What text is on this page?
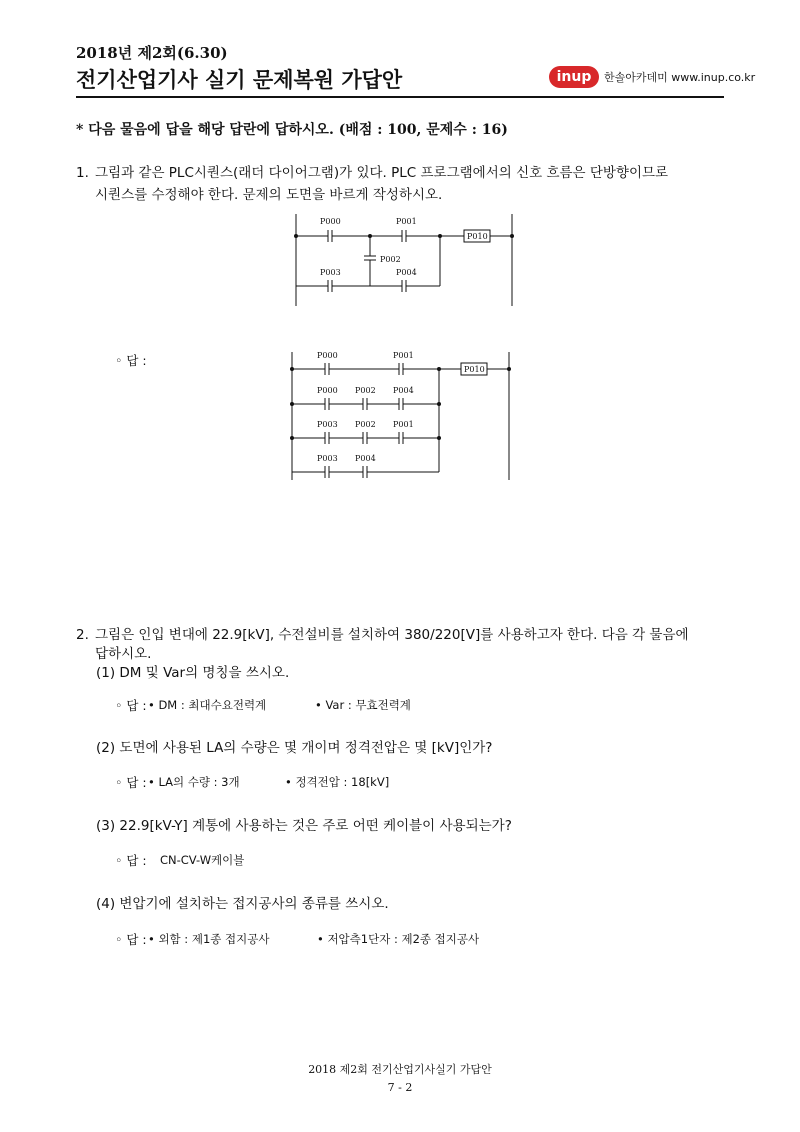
2018년 제2회(6.30)
전기산업기사 실기 문제복원 가답안	inup	한솔아카데미 www.inup.co.kr
* 다음 물음에 답을 해당 답란에 답하시오. (배점 : 100, 문제수 : 16)
1. 그림과 같은 PLC시퀀스(래더 다이어그램)가 있다. PLC 프로그램에서의 신호 흐름은 단방향이므로
시퀀스를 수정해야 한다. 문제의 도면을 바르게 작성하시오.
P000	P001
P002
P003	P004
P010
◦ 답 :	P000	P001
P010
P000 P002 P004
P003 P002 P001
P003 P004
2. 그림은 인입 변대에 22.9[kV], 수전설비를 설치하여 380/220[V]를 사용하고자 한다. 다음 각 물음에
답하시오.
(1) DM 및 Var의 명칭을 쓰시오.
◦ 답 : • DM : 최대수요전력계	• Var : 무효전력계
(2) 도면에 사용된 LA의 수량은 몇 개이며 정격전압은 몇 [kV]인가?
◦ 답 : • LA의 수량 : 3개	• 정격전압 : 18[kV]
(3) 22.9[kV-Y] 계통에 사용하는 것은 주로 어떤 케이블이 사용되는가?
◦ 답 : CN-CV-W케이블
(4) 변압기에 설치하는 접지공사의 종류를 쓰시오.
◦ 답 : • 외함 : 제1종 접지공사	• 저압측1단자 : 제2종 접지공사
2018 제2회 전기산업기사실기 가답안
7 - 2
